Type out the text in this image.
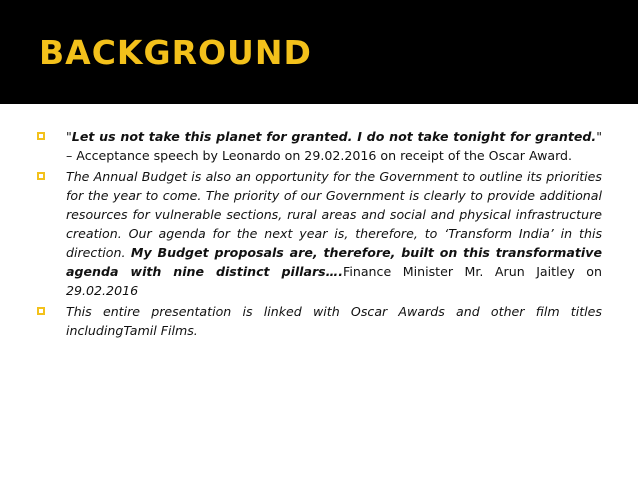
BACKGROUND

"Let us not take this planet for granted. I do not take tonight for granted." – Acceptance speech by Leonardo on 29.02.2016 on receipt of the Oscar Award.

The Annual Budget is also an opportunity for the Government to outline its priorities for the year to come. The priority of our Government is clearly to provide additional resources for vulnerable sections, rural areas and social and physical infrastructure creation. Our agenda for the next year is, therefore, to ‘Transform India’ in this direction. My Budget proposals are, therefore, built on this transformative agenda with nine distinct pillars….Finance Minister Mr. Arun Jaitley on 29.02.2016

This entire presentation is linked with Oscar Awards and other film titles includingTamil Films.
